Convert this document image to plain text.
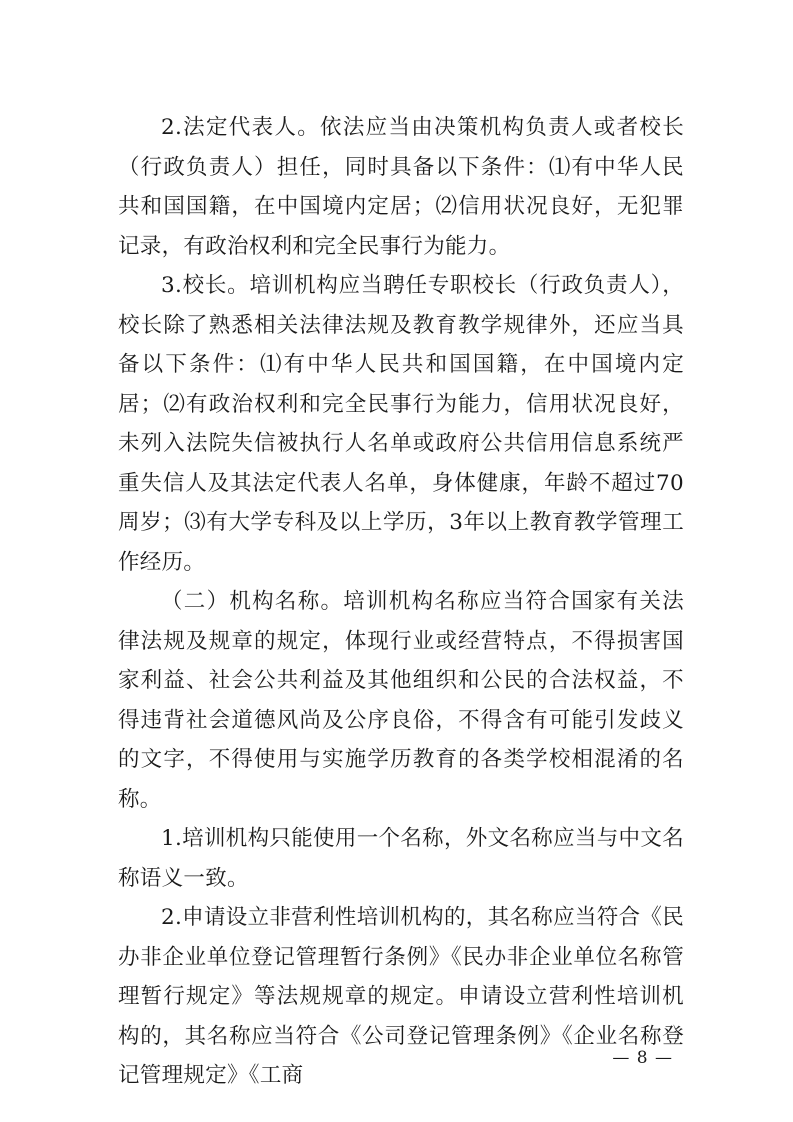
2.法定代表人。依法应当由决策机构负责人或者校长（行政负责人）担任，同时具备以下条件：⑴有中华人民共和国国籍，在中国境内定居；⑵信用状况良好，无犯罪记录，有政治权利和完全民事行为能力。

3.校长。培训机构应当聘任专职校长（行政负责人），校长除了熟悉相关法律法规及教育教学规律外，还应当具备以下条件：⑴有中华人民共和国国籍，在中国境内定居；⑵有政治权利和完全民事行为能力，信用状况良好，未列入法院失信被执行人名单或政府公共信用信息系统严重失信人及其法定代表人名单，身体健康，年龄不超过70周岁；⑶有大学专科及以上学历，3年以上教育教学管理工作经历。

（二）机构名称。培训机构名称应当符合国家有关法律法规及规章的规定，体现行业或经营特点，不得损害国家利益、社会公共利益及其他组织和公民的合法权益，不得违背社会道德风尚及公序良俗，不得含有可能引发歧义的文字，不得使用与实施学历教育的各类学校相混淆的名称。

1.培训机构只能使用一个名称，外文名称应当与中文名称语义一致。

2.申请设立非营利性培训机构的，其名称应当符合《民办非企业单位登记管理暂行条例》《民办非企业单位名称管理暂行规定》等法规规章的规定。申请设立营利性培训机构的，其名称应当符合《公司登记管理条例》《企业名称登记管理规定》《工商

— 8 —
